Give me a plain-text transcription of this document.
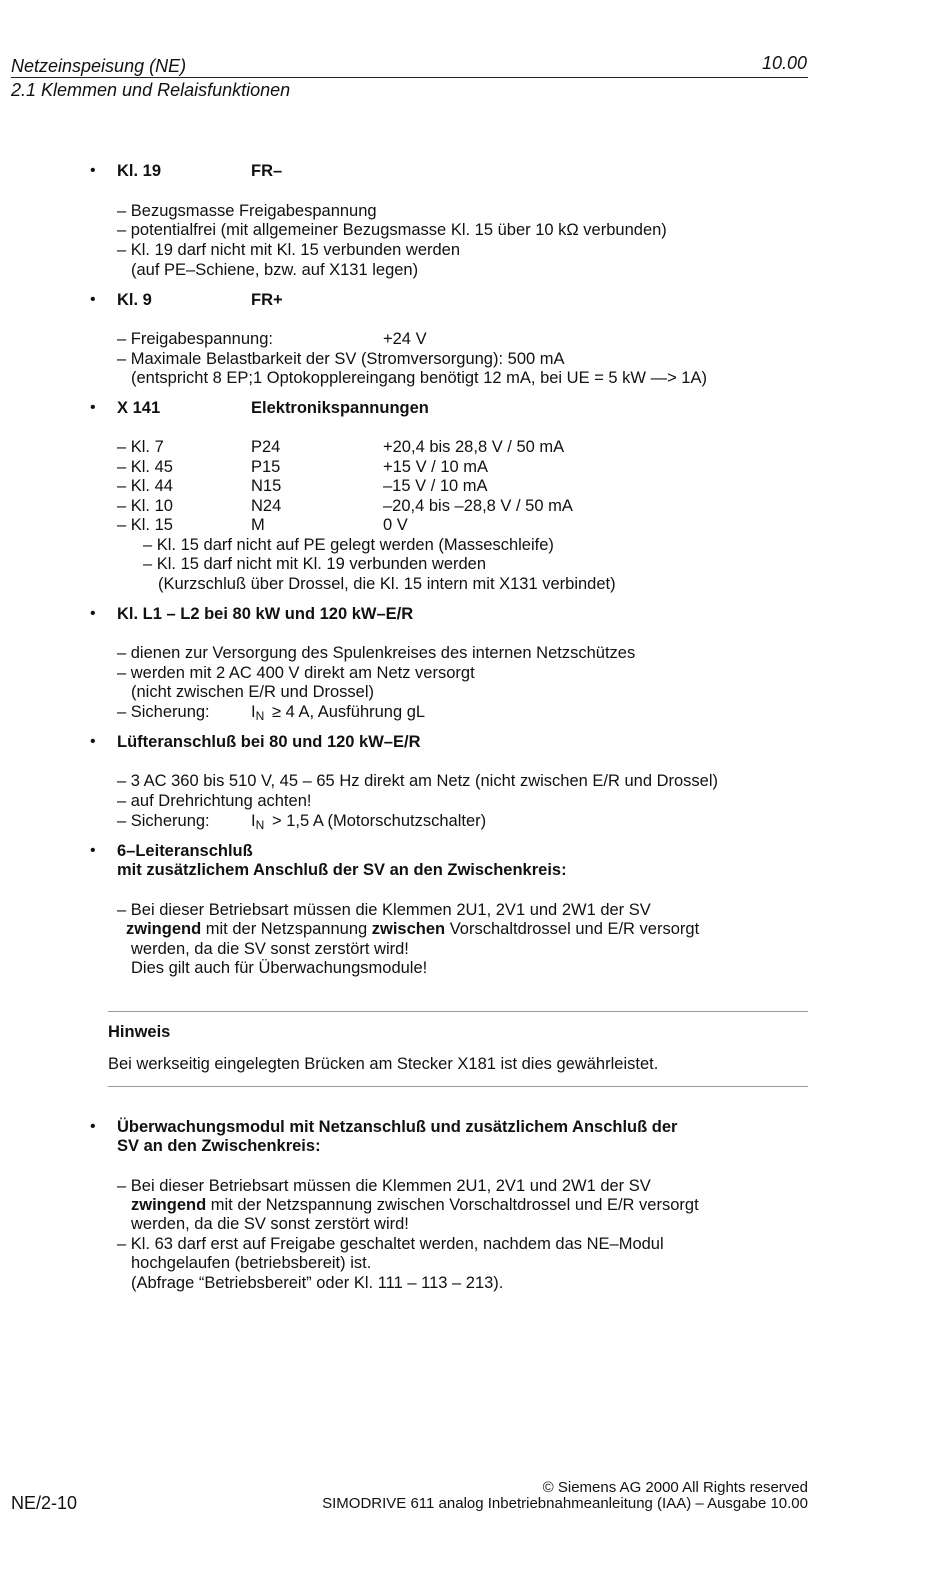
Netzeinspeisung (NE)	10.00
2.1 Klemmen und Relaisfunktionen
• Kl. 19	FR–
– Bezugsmasse Freigabespannung
– potentialfrei (mit allgemeiner Bezugsmasse Kl. 15 über 10 kΩ verbunden)
– Kl. 19 darf nicht mit Kl. 15 verbunden werden
(auf PE–Schiene, bzw. auf X131 legen)
• Kl. 9	FR+
– Freigabespannung:	+24 V
– Maximale Belastbarkeit der SV (Stromversorgung): 500 mA
(entspricht 8 EP;1 Optokopplereingang benötigt 12 mA, bei UE = 5 kW —> 1A)
• X 141	Elektronikspannungen
– Kl. 7	P24	+20,4 bis 28,8 V / 50 mA
– Kl. 45	P15	+15 V / 10 mA
– Kl. 44	N15	–15 V / 10 mA
– Kl. 10	N24	–20,4 bis –28,8 V / 50 mA
– Kl. 15	M	0 V
– Kl. 15 darf nicht auf PE gelegt werden (Masseschleife)
– Kl. 15 darf nicht mit Kl. 19 verbunden werden
(Kurzschluß über Drossel, die Kl. 15 intern mit X131 verbindet)
• Kl. L1 – L2 bei 80 kW und 120 kW–E/R
– dienen zur Versorgung des Spulenkreises des internen Netzschützes
– werden mit 2 AC 400 V direkt am Netz versorgt
(nicht zwischen E/R und Drossel)
– Sicherung:	$I_N \ge 4$ A, Ausführung gL
• Lüfteranschluß bei 80 und 120 kW–E/R
– 3 AC 360 bis 510 V, 45 – 65 Hz direkt am Netz (nicht zwischen E/R und Drossel)
– auf Drehrichtung achten!
– Sicherung:	$I_N > 1,5$ A (Motorschutzschalter)
• 6–Leiteranschluß
mit zusätzlichem Anschluß der SV an den Zwischenkreis:
– Bei dieser Betriebsart müssen die Klemmen 2U1, 2V1 und 2W1 der SV
zwingend mit der Netzspannung zwischen Vorschaltdrossel und E/R versorgt
werden, da die SV sonst zerstört wird!
Dies gilt auch für Überwachungsmodule!
Hinweis
Bei werkseitig eingelegten Brücken am Stecker X181 ist dies gewährleistet.
• Überwachungsmodul mit Netzanschluß und zusätzlichem Anschluß der
SV an den Zwischenkreis:
– Bei dieser Betriebsart müssen die Klemmen 2U1, 2V1 und 2W1 der SV
zwingend mit der Netzspannung zwischen Vorschaltdrossel und E/R versorgt
werden, da die SV sonst zerstört wird!
– Kl. 63 darf erst auf Freigabe geschaltet werden, nachdem das NE–Modul
hochgelaufen (betriebsbereit) ist.
(Abfrage “Betriebsbereit” oder Kl. 111 – 113 – 213).
NE/2-10
© Siemens AG 2000 All Rights reserved
SIMODRIVE 611 analog Inbetriebnahmeanleitung (IAA) – Ausgabe 10.00
